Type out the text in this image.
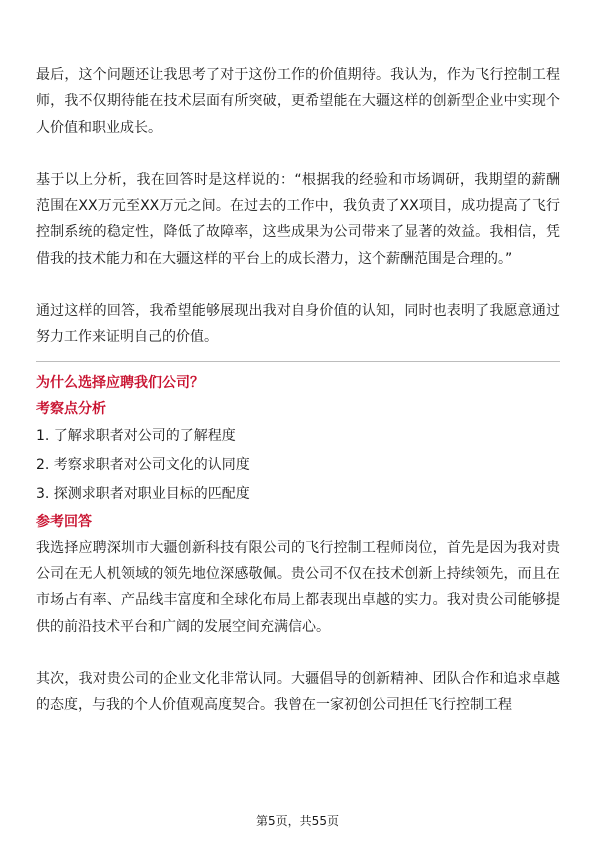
最后，这个问题还让我思考了对于这份工作的价值期待。我认为，作为飞行控制工程师，我不仅期待能在技术层面有所突破，更希望能在大疆这样的创新型企业中实现个人价值和职业成长。

基于以上分析，我在回答时是这样说的：“根据我的经验和市场调研，我期望的薪酬范围在XX万元至XX万元之间。在过去的工作中，我负责了XX项目，成功提高了飞行控制系统的稳定性，降低了故障率，这些成果为公司带来了显著的效益。我相信，凭借我的技术能力和在大疆这样的平台上的成长潜力，这个薪酬范围是合理的。”

通过这样的回答，我希望能够展现出我对自身价值的认知，同时也表明了我愿意通过努力工作来证明自己的价值。

为什么选择应聘我们公司？

考察点分析

1. 了解求职者对公司的了解程度

2. 考察求职者对公司文化的认同度

3. 探测求职者对职业目标的匹配度

参考回答

我选择应聘深圳市大疆创新科技有限公司的飞行控制工程师岗位，首先是因为我对贵公司在无人机领域的领先地位深感敬佩。贵公司不仅在技术创新上持续领先，而且在市场占有率、产品线丰富度和全球化布局上都表现出卓越的实力。我对贵公司能够提供的前沿技术平台和广阔的发展空间充满信心。

其次，我对贵公司的企业文化非常认同。大疆倡导的创新精神、团队合作和追求卓越的态度，与我的个人价值观高度契合。我曾在一家初创公司担任飞行控制工程

第5页，共55页
